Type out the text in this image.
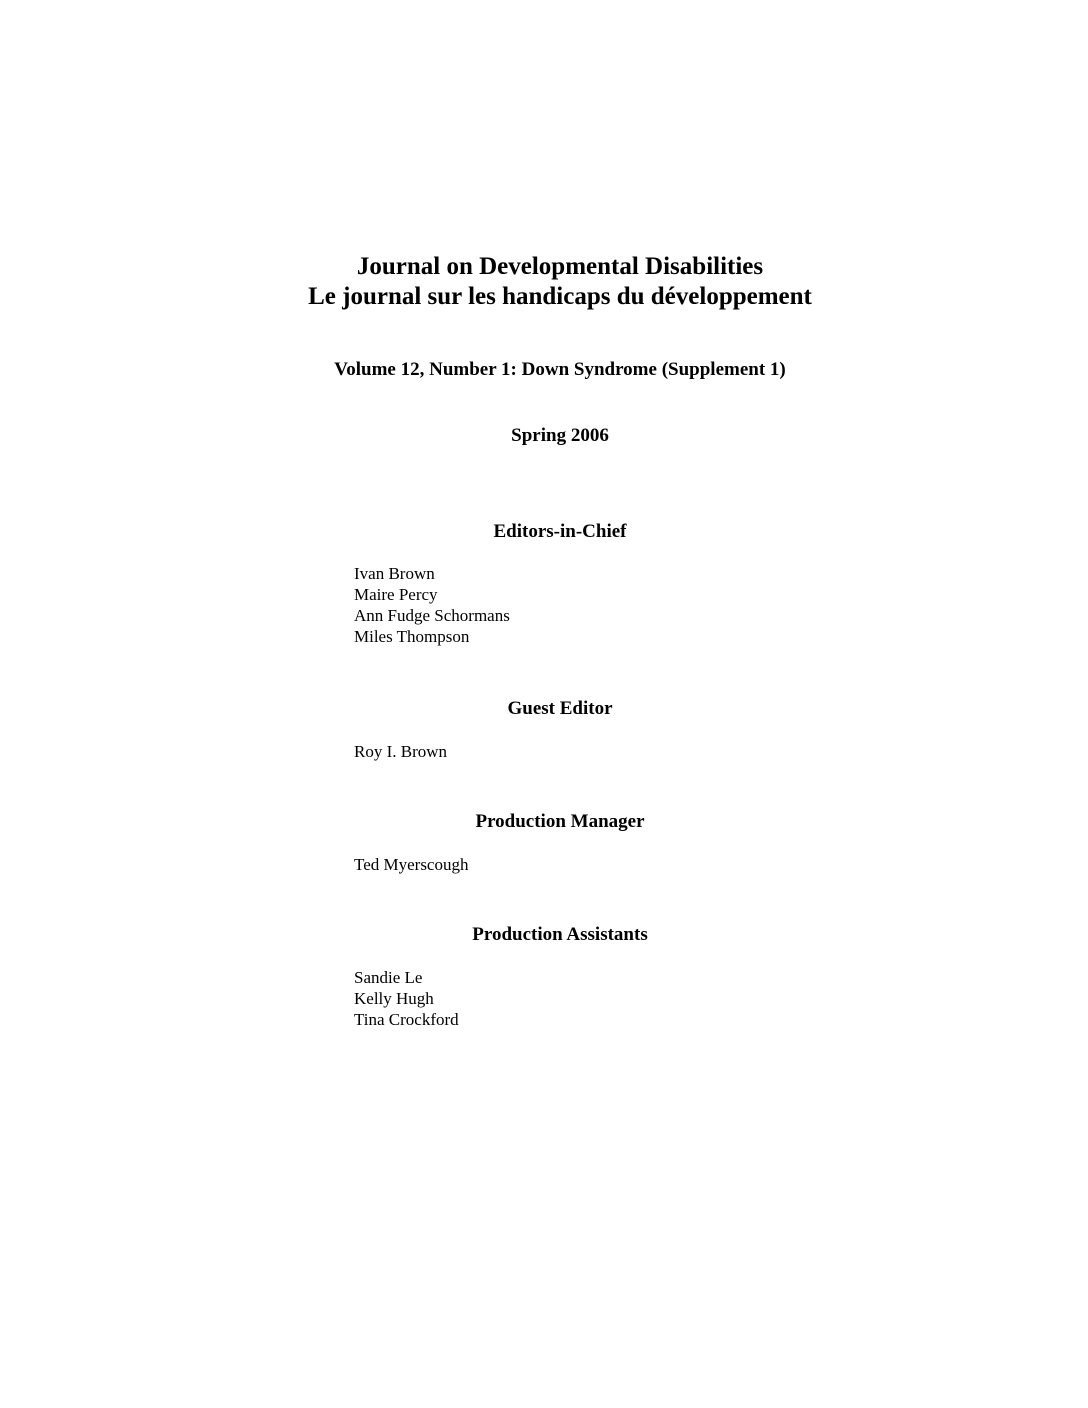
Journal on Developmental Disabilities
Le journal sur les handicaps du développement
Volume 12, Number 1: Down Syndrome (Supplement 1)
Spring 2006
Editors-in-Chief
Ivan Brown
Maire Percy
Ann Fudge Schormans
Miles Thompson
Guest Editor
Roy I. Brown
Production Manager
Ted Myerscough
Production Assistants
Sandie Le
Kelly Hugh
Tina Crockford
